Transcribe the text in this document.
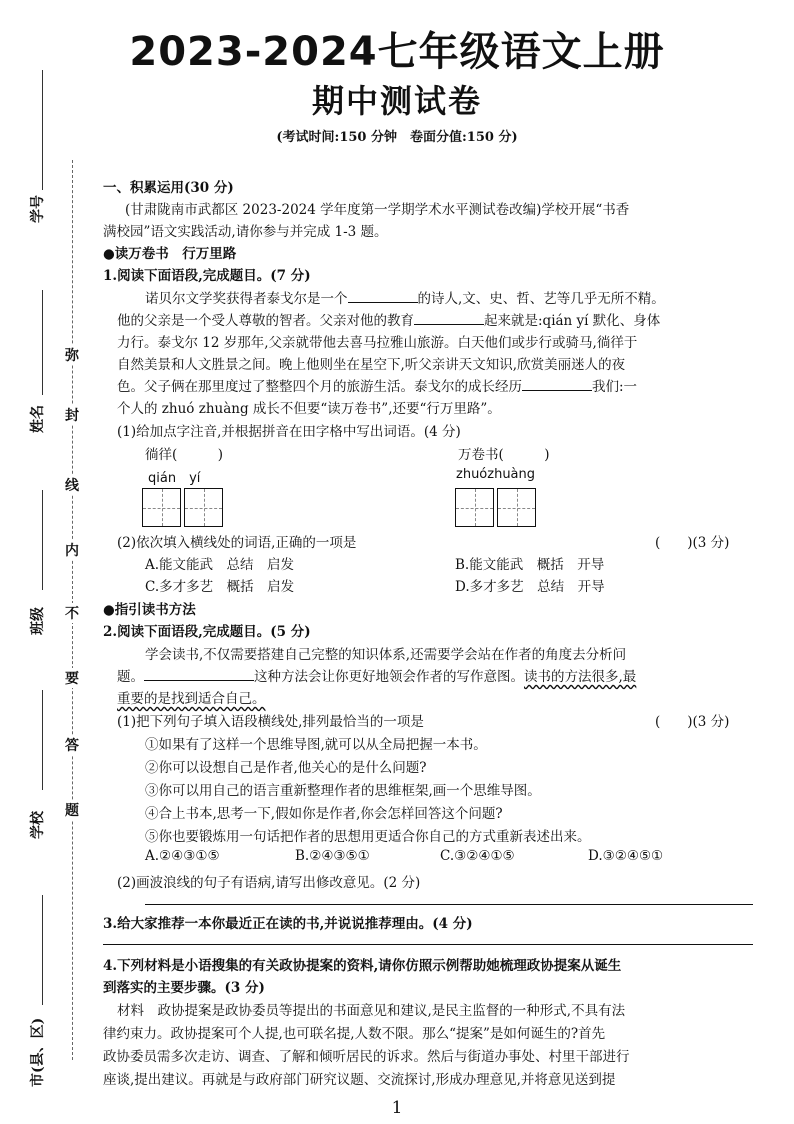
2023-2024七年级语文上册
期中测试卷
(考试时间:150 分钟　卷面分值:150 分)
学号
姓名
班级
学校
市(县、区)
弥
封
线
内
不
要
答
题
一、积累运用(30 分)
(甘肃陇南市武都区 2023-2024 学年度第一学期学术水平测试卷改编)学校开展“书香
满校园”语文实践活动,请你参与并完成 1-3 题。
●读万卷书　行万里路
1.阅读下面语段,完成题目。(7 分)
诺贝尔文学奖获得者泰戈尔是一个	的诗人,文、史、哲、艺等几乎无所不精。
他的父亲是一个受人尊敬的智者。父亲对他的教育	起来就是:qián yí 默化、身体
力行。泰戈尔 12 岁那年,父亲就带他去喜马拉雅山旅游。白天他们或步行或骑马,徜徉于
自然美景和人文胜景之间。晚上他则坐在星空下,听父亲讲天文知识,欣赏美丽迷人的夜
色。父子俩在那里度过了整整四个月的旅游生活。泰戈尔的成长经历	我们:一
个人的 zhuó zhuàng 成长不但要“读万卷书”,还要“行万里路”。
(1)给加点字注音,并根据拼音在田字格中写出词语。(4 分)
徜徉(　　　)	万卷书(　　　)
qián　yí	zhuózhuàng
(2)依次填入横线处的词语,正确的一项是	(　　)(3 分)
A.能文能武　总结　启发	B.能文能武　概括　开导
C.多才多艺　概括　启发	D.多才多艺　总结　开导
●指引读书方法
2.阅读下面语段,完成题目。(5 分)
学会读书,不仅需要搭建自己完整的知识体系,还需要学会站在作者的角度去分析问
题。	这种方法会让你更好地领会作者的写作意图。读书的方法很多,最
重要的是找到适合自己。
(1)把下列句子填入语段横线处,排列最恰当的一项是	(　　)(3 分)
①如果有了这样一个思维导图,就可以从全局把握一本书。
②你可以设想自己是作者,他关心的是什么问题?
③你可以用自己的语言重新整理作者的思维框架,画一个思维导图。
④合上书本,思考一下,假如你是作者,你会怎样回答这个问题?
⑤你也要锻炼用一句话把作者的思想用更适合你自己的方式重新表述出来。
A.②④③①⑤	B.②④③⑤①	C.③②④①⑤	D.③②④⑤①
(2)画波浪线的句子有语病,请写出修改意见。(2 分)
3.给大家推荐一本你最近正在读的书,并说说推荐理由。(4 分)
4.下列材料是小语搜集的有关政协提案的资料,请你仿照示例帮助她梳理政协提案从诞生
到落实的主要步骤。(3 分)
材料　政协提案是政协委员等提出的书面意见和建议,是民主监督的一种形式,不具有法
律约束力。政协提案可个人提,也可联名提,人数不限。那么“提案”是如何诞生的?首先
政协委员需多次走访、调查、了解和倾听居民的诉求。然后与街道办事处、村里干部进行
座谈,提出建议。再就是与政府部门研究议题、交流探讨,形成办理意见,并将意见送到提
1
